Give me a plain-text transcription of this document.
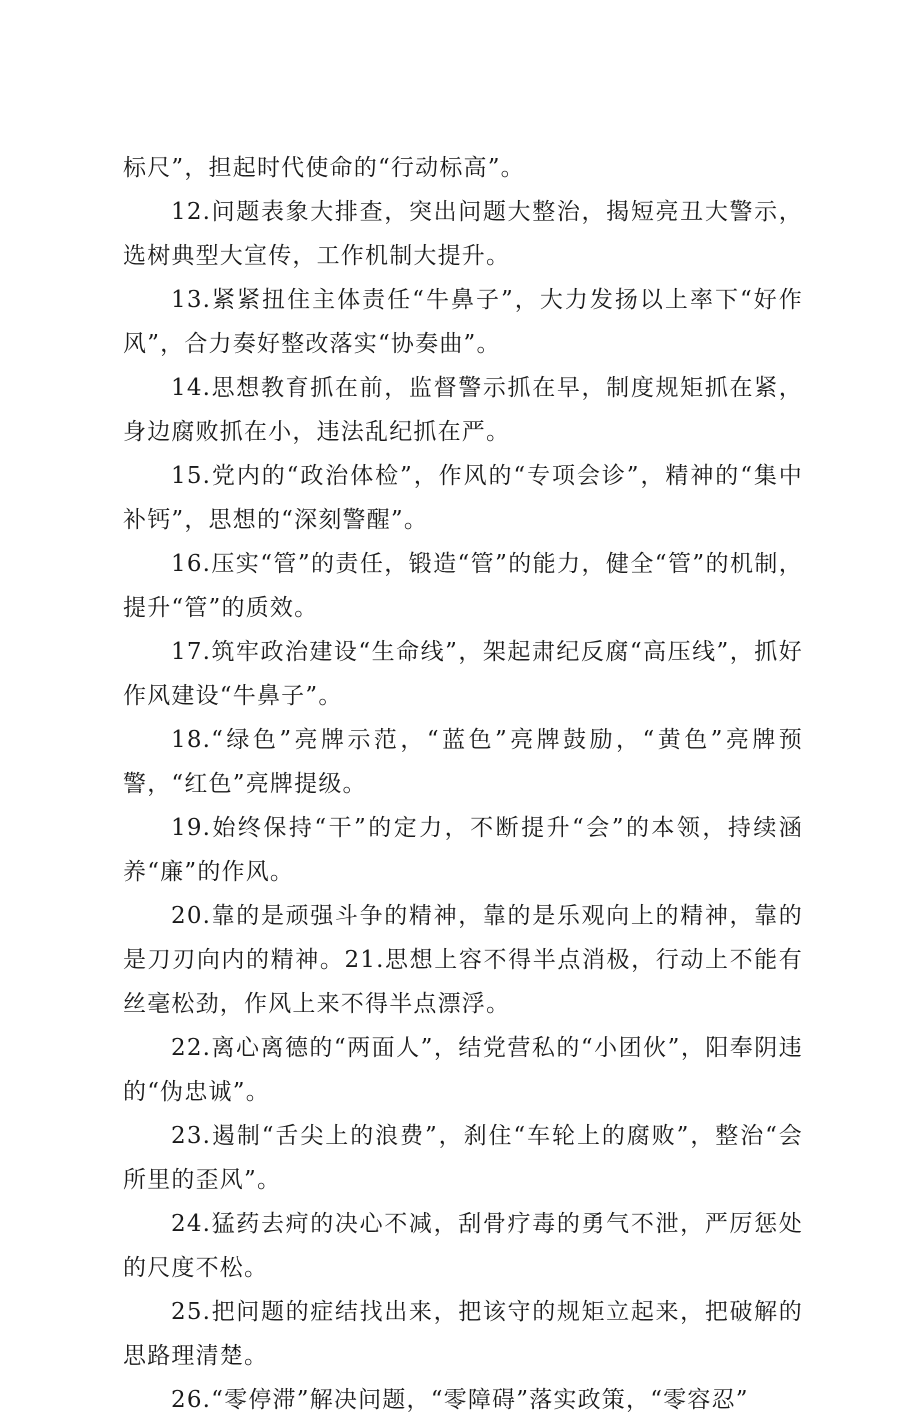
标尺”，担起时代使命的“行动标高”。

12.问题表象大排查，突出问题大整治，揭短亮丑大警示，选树典型大宣传，工作机制大提升。

13.紧紧扭住主体责任“牛鼻子”，大力发扬以上率下“好作风”，合力奏好整改落实“协奏曲”。

14.思想教育抓在前，监督警示抓在早，制度规矩抓在紧，身边腐败抓在小，违法乱纪抓在严。

15.党内的“政治体检”，作风的“专项会诊”，精神的“集中补钙”，思想的“深刻警醒”。

16.压实“管”的责任，锻造“管”的能力，健全“管”的机制，提升“管”的质效。

17.筑牢政治建设“生命线”，架起肃纪反腐“高压线”，抓好作风建设“牛鼻子”。

18.“绿色”亮牌示范，“蓝色”亮牌鼓励，“黄色”亮牌预警，“红色”亮牌提级。

19.始终保持“干”的定力，不断提升“会”的本领，持续涵养“廉”的作风。

20.靠的是顽强斗争的精神，靠的是乐观向上的精神，靠的是刀刃向内的精神。21.思想上容不得半点消极，行动上不能有丝毫松劲，作风上来不得半点漂浮。

22.离心离德的“两面人”，结党营私的“小团伙”，阳奉阴违的“伪忠诚”。

23.遏制“舌尖上的浪费”，刹住“车轮上的腐败”，整治“会所里的歪风”。

24.猛药去疴的决心不减，刮骨疗毒的勇气不泄，严厉惩处的尺度不松。

25.把问题的症结找出来，把该守的规矩立起来，把破解的思路理清楚。

26.“零停滞”解决问题，“零障碍”落实政策，“零容忍”
